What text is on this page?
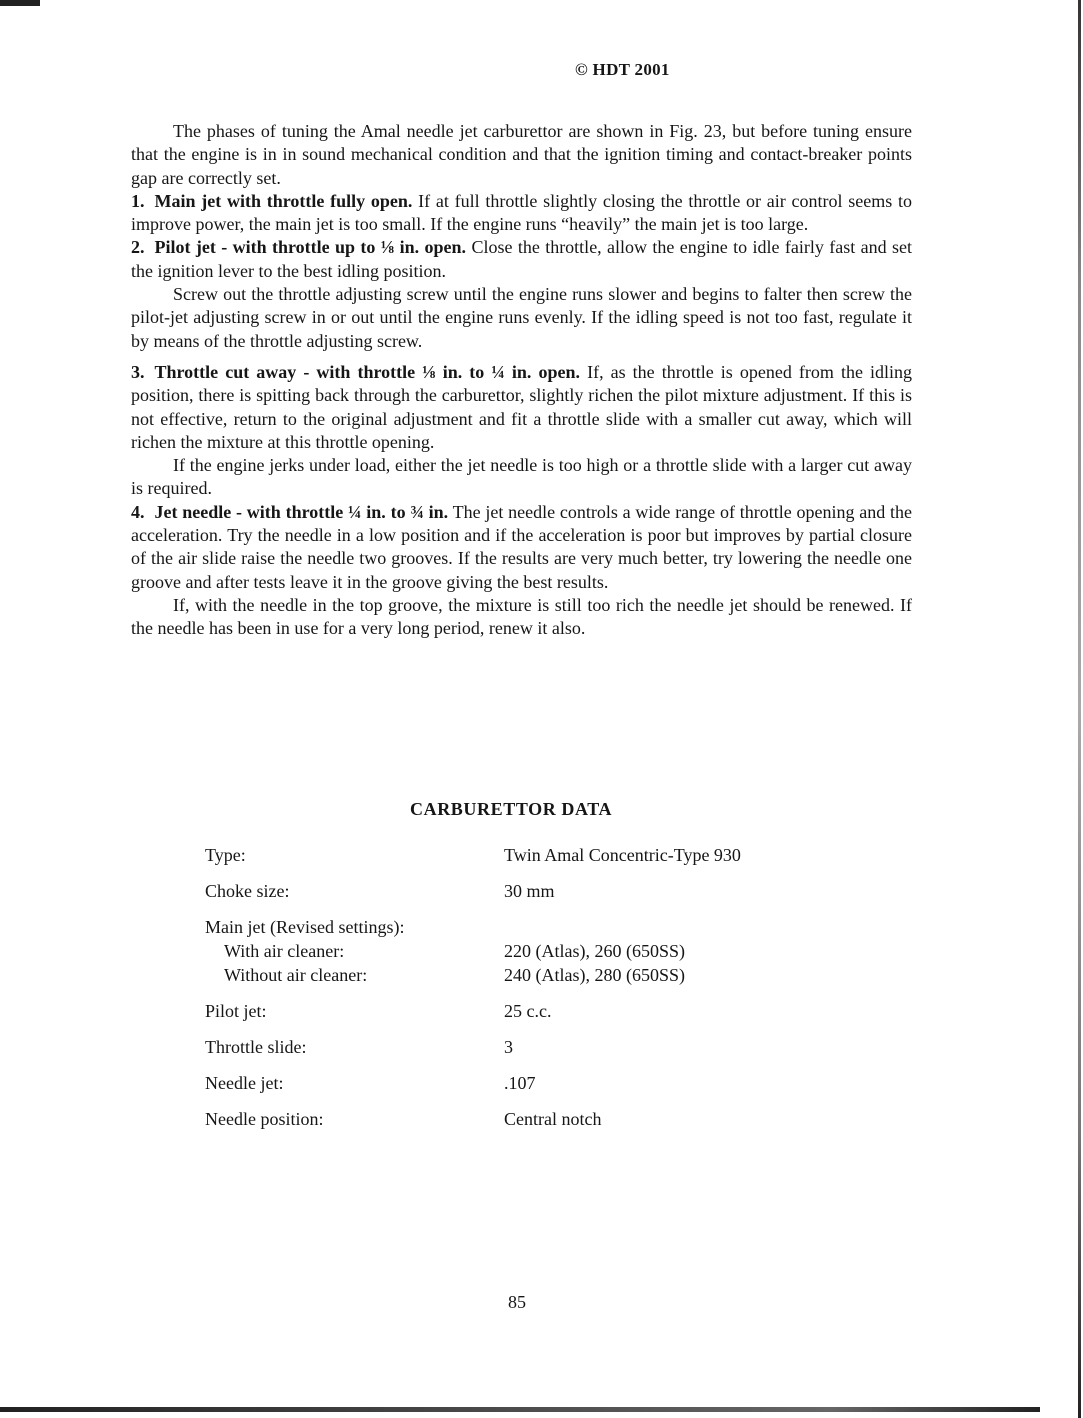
© HDT 2001

The phases of tuning the Amal needle jet carburettor are shown in Fig. 23, but before tuning ensure that the engine is in in sound mechanical condition and that the ignition timing and contact-breaker points gap are correctly set.

1. Main jet with throttle fully open. If at full throttle slightly closing the throttle or air control seems to improve power, the main jet is too small. If the engine runs “heavily” the main jet is too large.

2. Pilot jet - with throttle up to ⅛ in. open. Close the throttle, allow the engine to idle fairly fast and set the ignition lever to the best idling position.

Screw out the throttle adjusting screw until the engine runs slower and begins to falter then screw the pilot-jet adjusting screw in or out until the engine runs evenly. If the idling speed is not too fast, regulate it by means of the throttle adjusting screw.

3. Throttle cut away - with throttle ⅛ in. to ¼ in. open. If, as the throttle is opened from the idling position, there is spitting back through the carburettor, slightly richen the pilot mixture adjustment. If this is not effective, return to the original adjustment and fit a throttle slide with a smaller cut away, which will richen the mixture at this throttle opening.

If the engine jerks under load, either the jet needle is too high or a throttle slide with a larger cut away is required.

4. Jet needle - with throttle ¼ in. to ¾ in. The jet needle controls a wide range of throttle opening and the acceleration. Try the needle in a low position and if the acceleration is poor but improves by partial closure of the air slide raise the needle two grooves. If the results are very much better, try lowering the needle one groove and after tests leave it in the groove giving the best results.

If, with the needle in the top groove, the mixture is still too rich the needle jet should be renewed. If the needle has been in use for a very long period, renew it also.

CARBURETTOR DATA
Type:	Twin Amal Concentric-Type 930
Choke size:	30 mm
Main jet (Revised settings):	
With air cleaner:	220 (Atlas), 260 (650SS)
Without air cleaner:	240 (Atlas), 280 (650SS)
Pilot jet:	25 c.c.
Throttle slide:	3
Needle jet:	.107
Needle position:	Central notch
85
